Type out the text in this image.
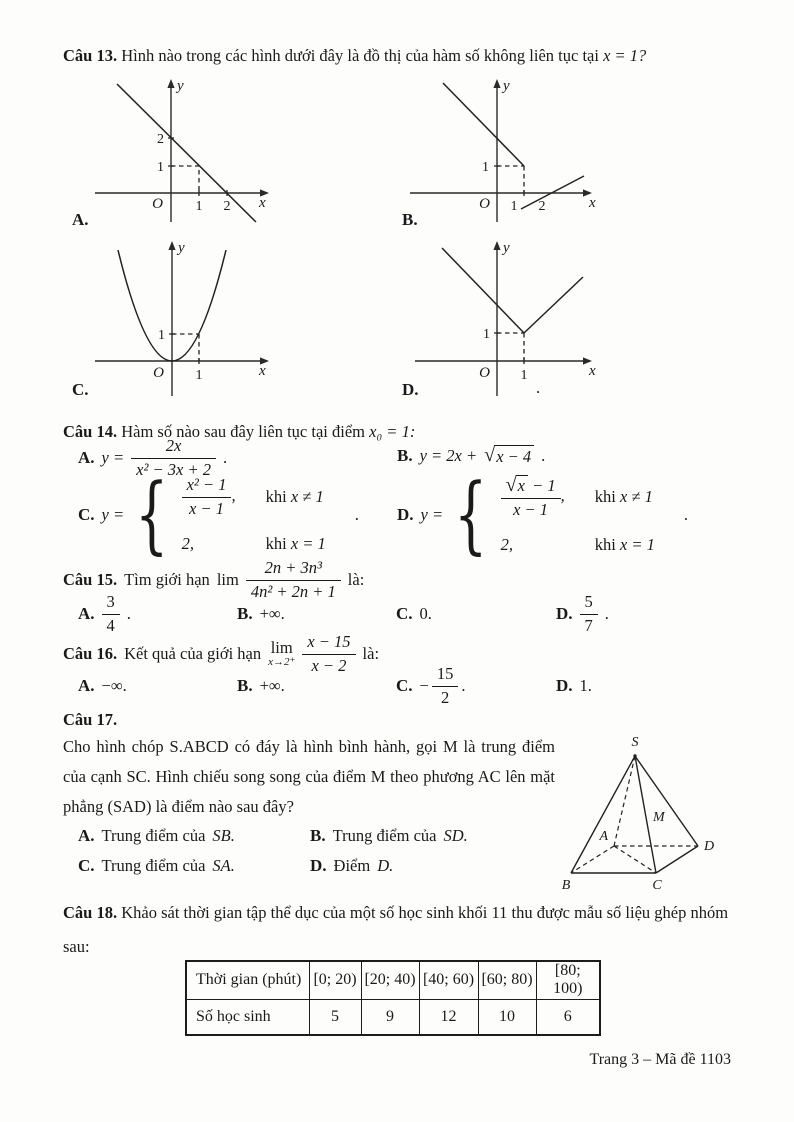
Câu 13. Hình nào trong các hình dưới đây là đồ thị của hàm số không liên tục tại x = 1?
y
x
O 1 2
1
2
A.
y
x
O 1 2
1
B.
y
x
O 1
1
C.
y
x
O 1
1
D.	.
Câu 14. Hàm số nào sau đây liên tục tại điểm x₀ = 1:
A. $y = \frac{2x}{\text{x² − 3x + 2}}$ .	B. y = 2x + √ x − 4 .
C. y = { $\frac{\text{x² − 1}}{x - 1}$ , khi x ≠ 1
2,	khi x = 1
. D. y = { $\frac{√ x - 1}{x - 1}$ , khi x ≠ 1
2,	khi x = 1
.
Câu 15. Tìm giới hạn $\lim \frac{\text{2n + 3n³}}{\text{4n² + 2n + 1}}$ là:
A. $\frac{3}{4}$ .	B. +∞.	C. 0.	D. $\frac{5}{7}$ .
Câu 16. Kết quả của giới hạn lim
$x\to 2^+ \frac{x - 15}{x - 2}$ là:
A. −∞.	B. +∞.	C. − $\frac{15}{2}$ .	D. 1.
Câu 17.
Cho hình chóp S.ABCD có đáy là hình bình hành, gọi M là trung điểm
của cạnh SC. Hình chiếu song song của điểm M theo phương AC lên mặt
phẳng (SAD) là điểm nào sau đây?
A. Trung điểm của SB.	B. Trung điểm của SD.
C. Trung điểm của SA.	D. Điểm D.
S
A
B	C
D
M
Câu 18. Khảo sát thời gian tập thể dục của một số học sinh khối 11 thu được mẫu số liệu ghép nhóm
sau:
Thời gian (phút)	[0; 20)	[20; 40)	[40; 60)	[60; 80)	[80; 100)
Số học sinh	5	9	12	10	6
Trang 3 – Mã đề 1103
